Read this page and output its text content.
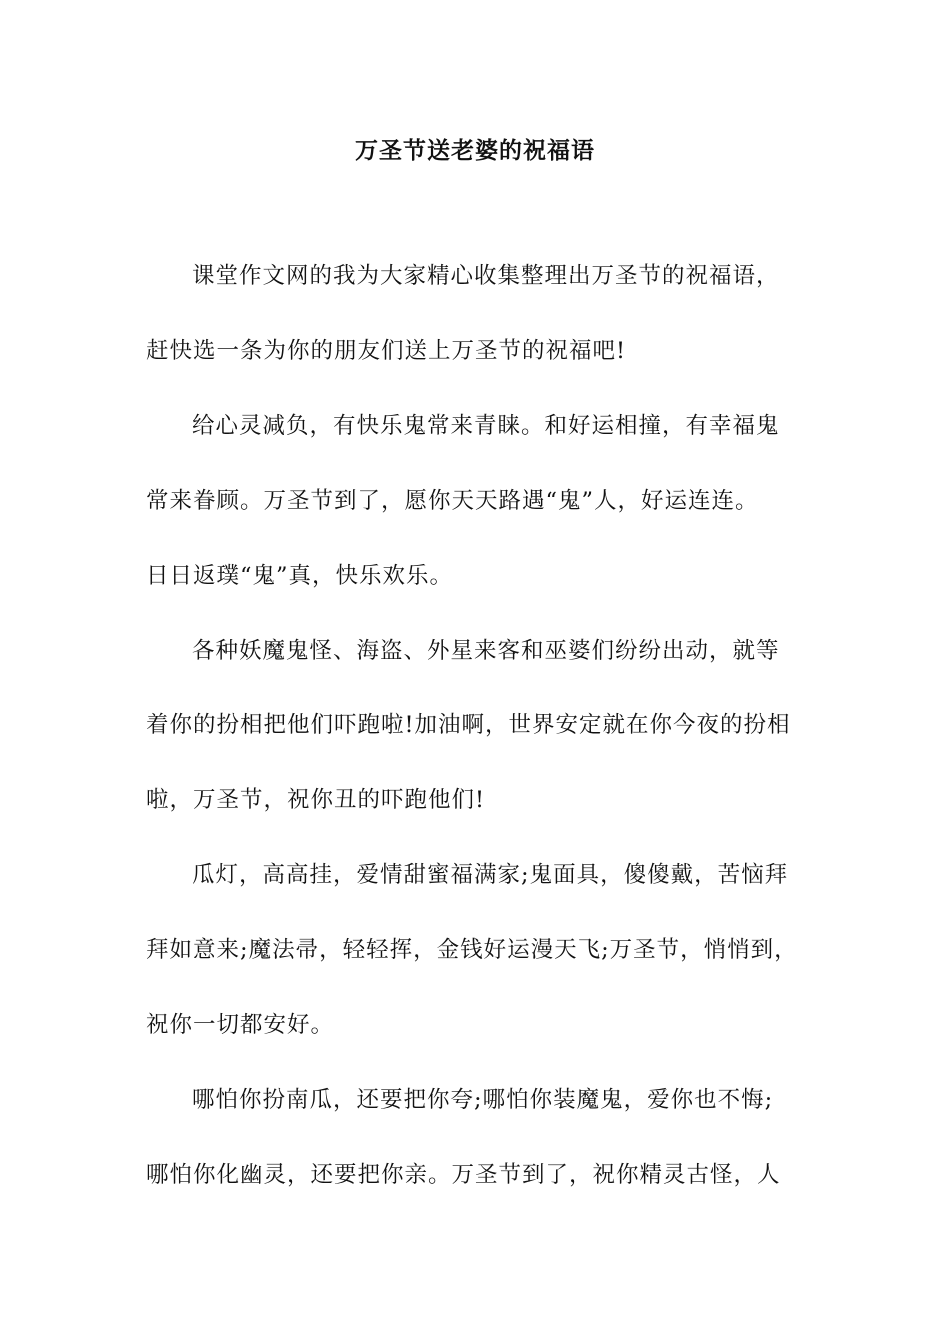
万圣节送老婆的祝福语
课堂作文网的我为大家精心收集整理出万圣节的祝福语，
赶快选一条为你的朋友们送上万圣节的祝福吧!
给心灵减负，有快乐鬼常来青睐。和好运相撞，有幸福鬼
常来眷顾。万圣节到了，愿你天天路遇“鬼”人，好运连连。
日日返璞“鬼”真，快乐欢乐。
各种妖魔鬼怪、海盗、外星来客和巫婆们纷纷出动，就等
着你的扮相把他们吓跑啦!加油啊，世界安定就在你今夜的扮相
啦，万圣节，祝你丑的吓跑他们!
瓜灯，高高挂，爱情甜蜜福满家;鬼面具，傻傻戴，苦恼拜
拜如意来;魔法帚，轻轻挥，金钱好运漫天飞;万圣节，悄悄到，
祝你一切都安好。
哪怕你扮南瓜，还要把你夸;哪怕你装魔鬼，爱你也不悔;
哪怕你化幽灵，还要把你亲。万圣节到了，祝你精灵古怪，人
